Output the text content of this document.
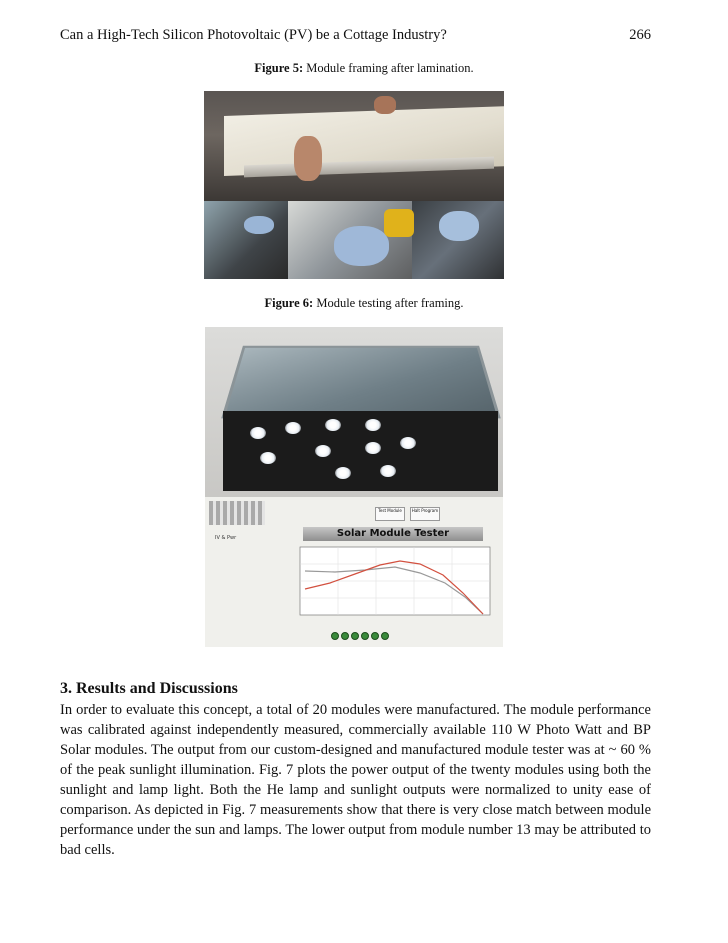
Can a High-Tech Silicon Photovoltaic (PV) be a Cottage Industry?	266
Figure 5: Module framing after lamination.
Figure 6: Module testing after framing.
Test Module	Halt Program
Solar Module Tester
IV & Pwr
3. Results and Discussions
In order to evaluate this concept, a total of 20 modules were manufactured. The module performance was calibrated against independently measured, commercially available 110 W Photo Watt and BP Solar modules. The output from our custom-designed and manufactured module tester was at ~ 60 % of the peak sunlight illumination. Fig. 7 plots the power output of the twenty modules using both the sunlight and lamp light. Both the He lamp and sunlight outputs were normalized to unity ease of comparison. As depicted in Fig. 7 measurements show that there is very close match between module performance under the sun and lamps. The lower output from module number 13 may be attributed to bad cells.
